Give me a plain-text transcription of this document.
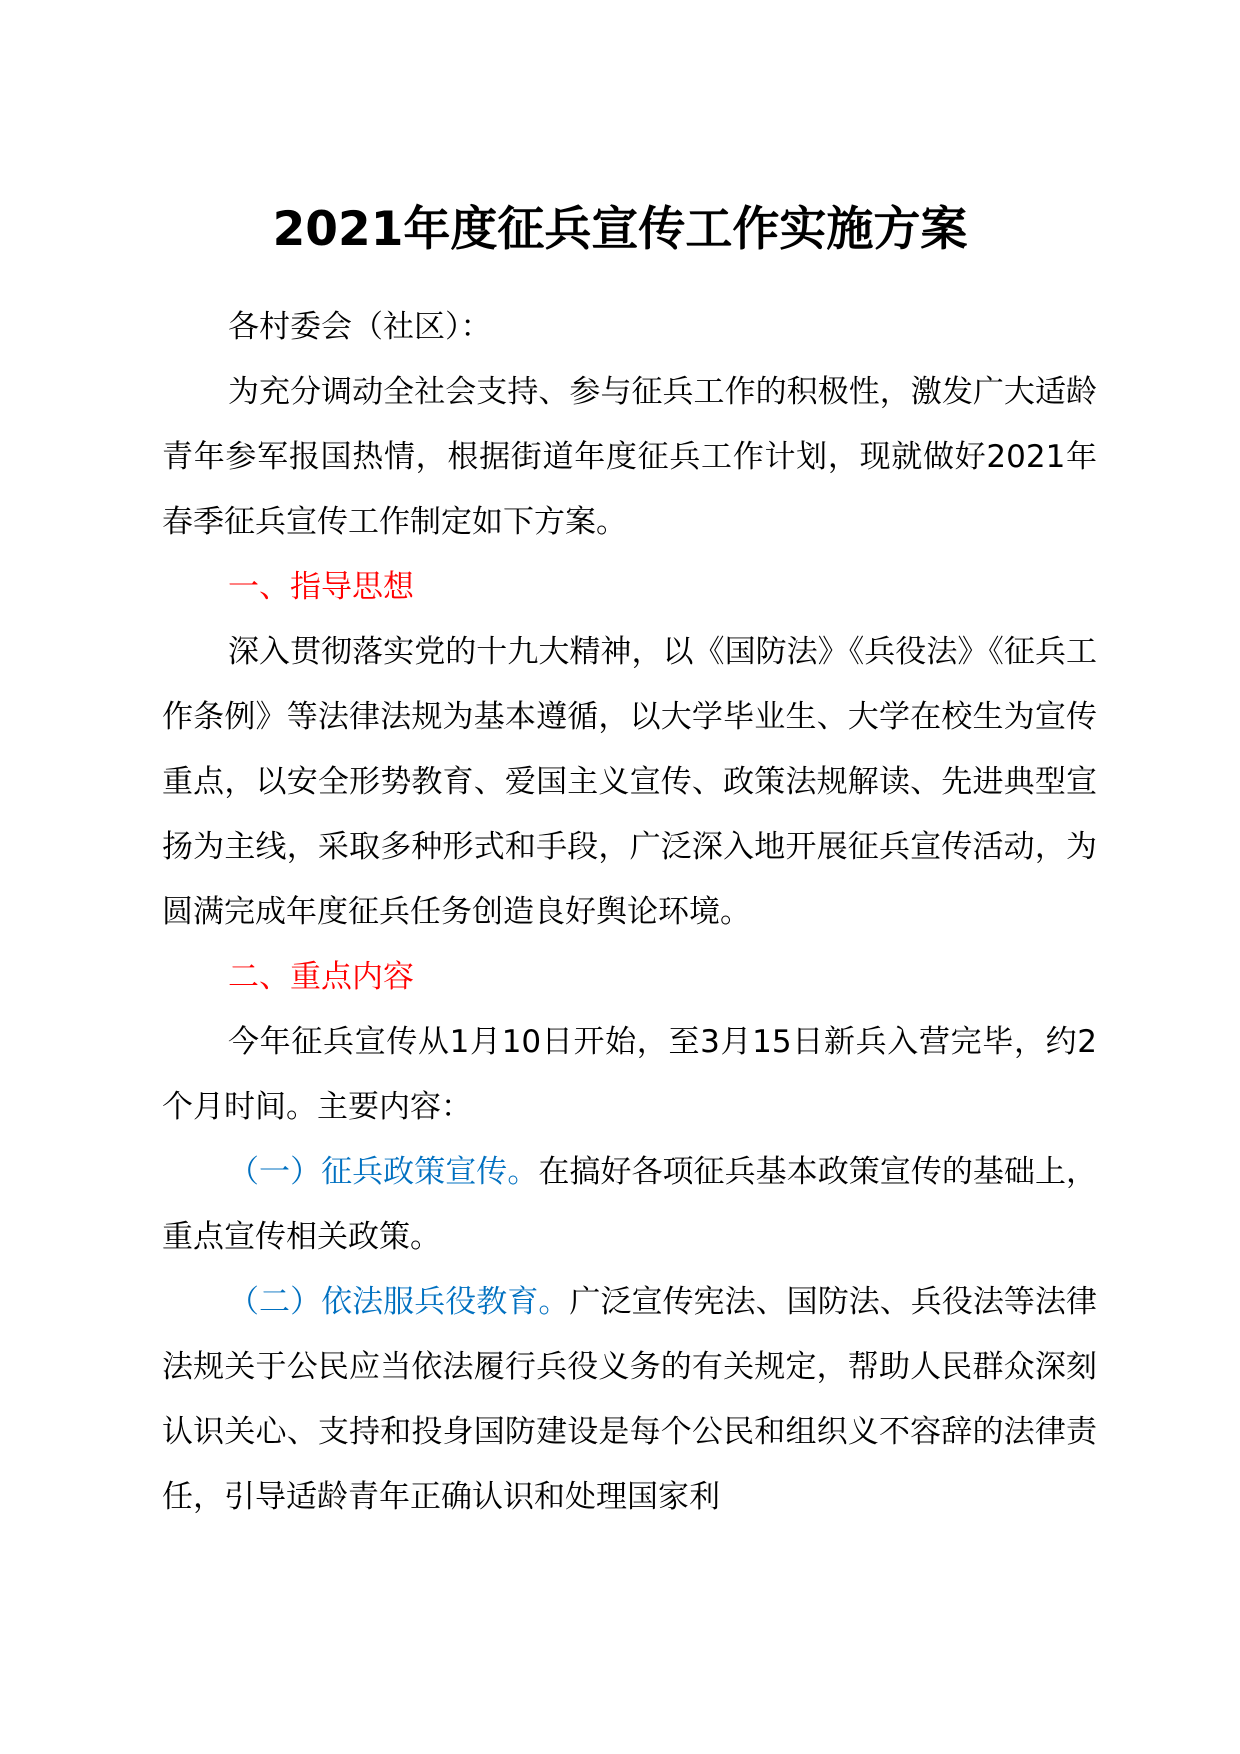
2021年度征兵宣传工作实施方案

各村委会（社区）：

为充分调动全社会支持、参与征兵工作的积极性，激发广大适龄青年参军报国热情，根据街道年度征兵工作计划，现就做好2021年春季征兵宣传工作制定如下方案。

一、指导思想

深入贯彻落实党的十九大精神，以《国防法》《兵役法》《征兵工作条例》等法律法规为基本遵循，以大学毕业生、大学在校生为宣传重点，以安全形势教育、爱国主义宣传、政策法规解读、先进典型宣扬为主线，采取多种形式和手段，广泛深入地开展征兵宣传活动，为圆满完成年度征兵任务创造良好舆论环境。

二、重点内容

今年征兵宣传从1月10日开始，至3月15日新兵入营完毕，约2个月时间。主要内容：

（一）征兵政策宣传。在搞好各项征兵基本政策宣传的基础上，重点宣传相关政策。

（二）依法服兵役教育。广泛宣传宪法、国防法、兵役法等法律法规关于公民应当依法履行兵役义务的有关规定，帮助人民群众深刻认识关心、支持和投身国防建设是每个公民和组织义不容辞的法律责任，引导适龄青年正确认识和处理国家利
